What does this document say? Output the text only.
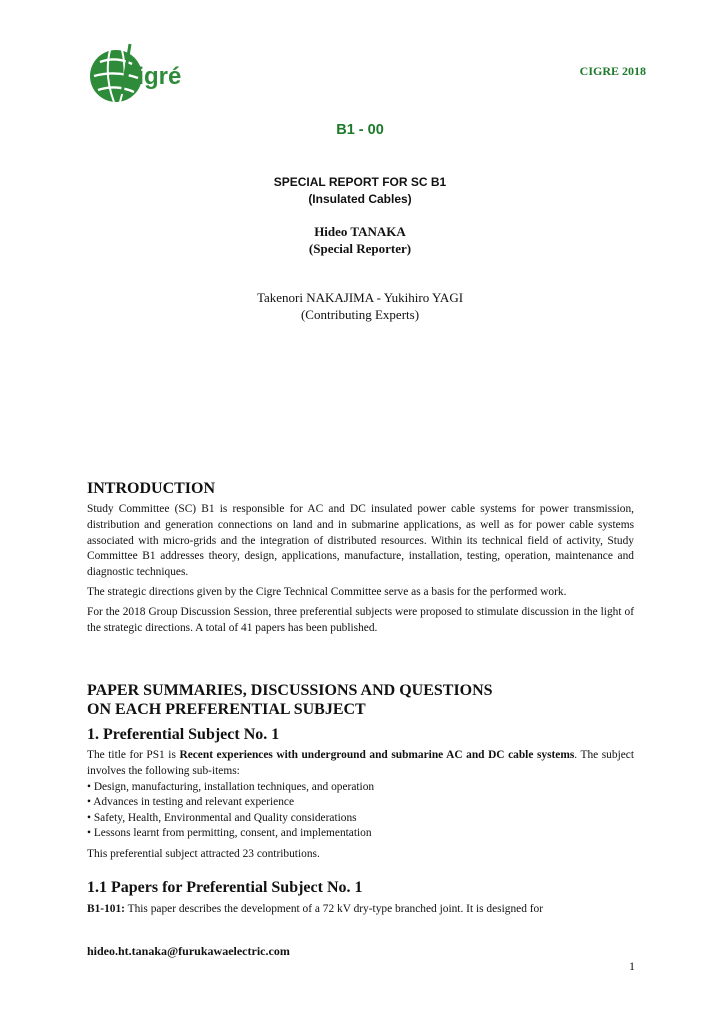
cigré	CIGRE 2018
B1 - 00
SPECIAL REPORT FOR SC B1
(Insulated Cables)
Hideo TANAKA
(Special Reporter)
Takenori NAKAJIMA - Yukihiro YAGI
(Contributing Experts)
INTRODUCTION

Study Committee (SC) B1 is responsible for AC and DC insulated power cable systems for power transmission, distribution and generation connections on land and in submarine applications, as well as for power cable systems associated with micro-grids and the integration of distributed resources. Within its technical field of activity, Study Committee B1 addresses theory, design, applications, manufacture, installation, testing, operation, maintenance and diagnostic techniques.

The strategic directions given by the Cigre Technical Committee serve as a basis for the performed work.

For the 2018 Group Discussion Session, three preferential subjects were proposed to stimulate discussion in the light of the strategic directions. A total of 41 papers has been published.

PAPER SUMMARIES, DISCUSSIONS AND QUESTIONS
ON EACH PREFERENTIAL SUBJECT
1. Preferential Subject No. 1

The title for PS1 is Recent experiences with underground and submarine AC and DC cable systems. The subject involves the following sub-items:

• Design, manufacturing, installation techniques, and operation
• Advances in testing and relevant experience
• Safety, Health, Environmental and Quality considerations
• Lessons learnt from permitting, consent, and implementation

This preferential subject attracted 23 contributions.

1.1 Papers for Preferential Subject No. 1

B1-101: This paper describes the development of a 72 kV dry-type branched joint. It is designed for

hideo.ht.tanaka@furukawaelectric.com
1
